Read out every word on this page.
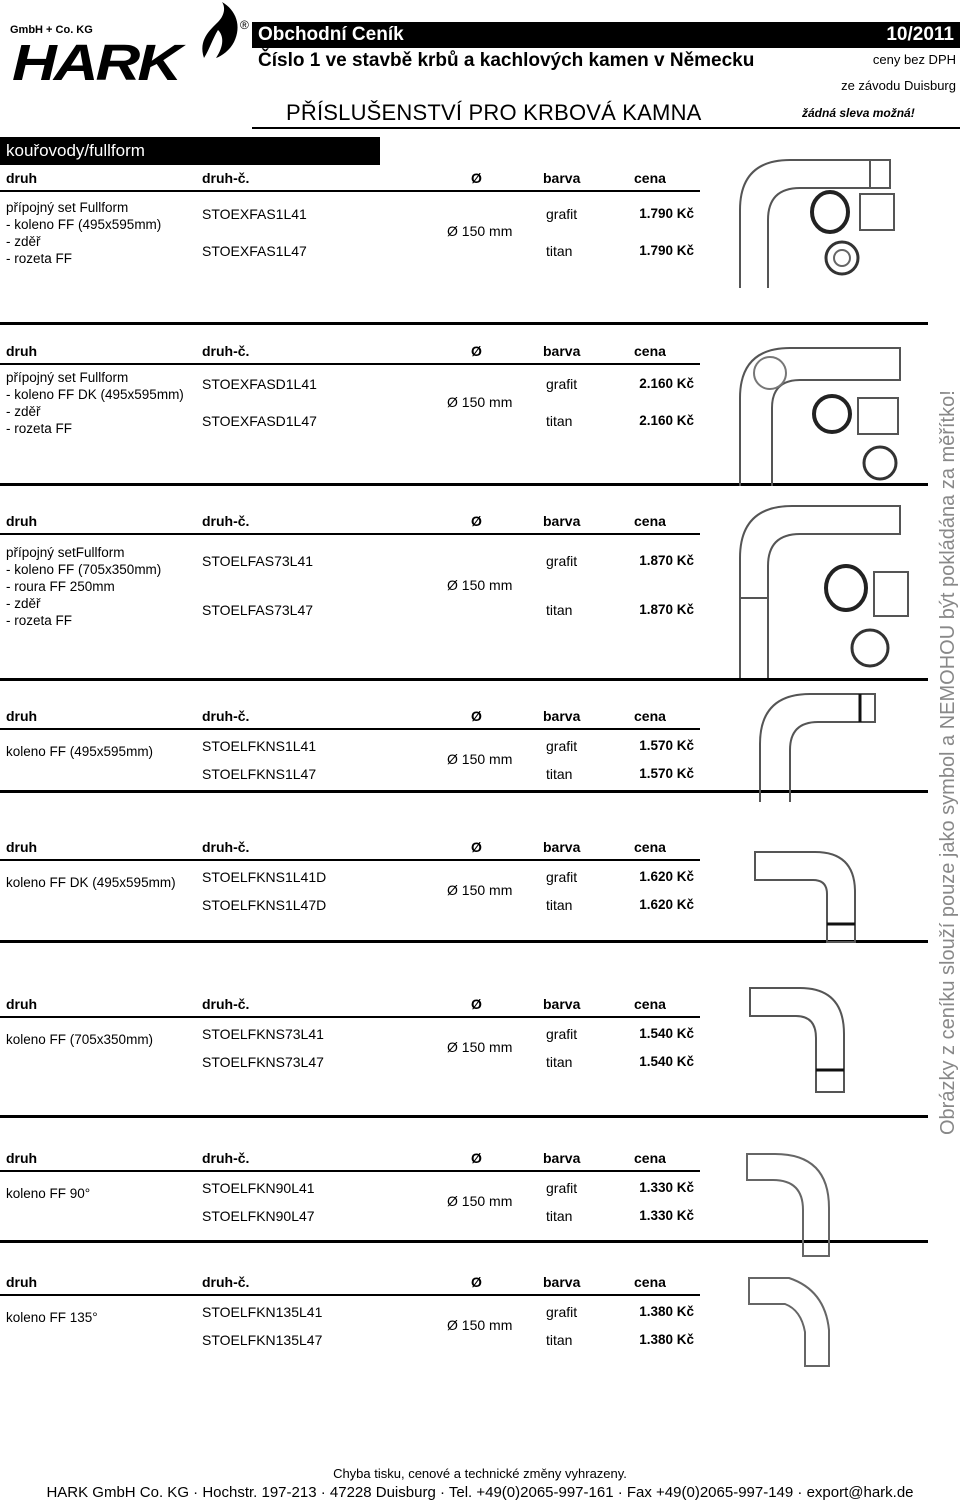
GmbH + Co. KG
HARK
® Obchodní Ceník	10/2011
Číslo 1 ve stavbě krbů a kachlových kamen v Německu	ceny bez DPH
ze závodu Duisburg
PŘÍSLUŠENSTVÍ PRO KRBOVÁ KAMNA	žádná sleva možná!
kouřovody/fullform
druh	druh-č.	Ø	barva	cena
přípojný set Fullform
- koleno FF (495x595mm)
- zděř
- rozeta FF
Ø 150 mm
STOEXFAS1L41	grafit	1.790 Kč
STOEXFAS1L47	titan	1.790 Kč
druh	druh-č.	Ø	barva	cena
přípojný set Fullform
- koleno FF DK (495x595mm)
- zděř
- rozeta FF
Ø 150 mm
STOEXFASD1L41	grafit	2.160 Kč
STOEXFASD1L47	titan	2.160 Kč
druh	druh-č.	Ø	barva	cena
přípojný setFullform
- koleno FF (705x350mm)
- roura FF 250mm
- zděř
- rozeta FF
Ø 150 mm
STOELFAS73L41	grafit	1.870 Kč
STOELFAS73L47	titan	1.870 Kč
druh	druh-č.	Ø	barva	cena
koleno FF (495x595mm)	Ø 150 mm
STOELFKNS1L41	grafit	1.570 Kč
STOELFKNS1L47	titan	1.570 Kč
druh	druh-č.	Ø	barva	cena
koleno FF DK (495x595mm)	Ø 150 mm
STOELFKNS1L41D	grafit	1.620 Kč
STOELFKNS1L47D	titan	1.620 Kč
druh	druh-č.	Ø	barva	cena
koleno FF (705x350mm)	Ø 150 mm
STOELFKNS73L41	grafit	1.540 Kč
STOELFKNS73L47	titan	1.540 Kč
druh	druh-č.	Ø	barva	cena
koleno FF 90°	Ø 150 mm
STOELFKN90L41	grafit	1.330 Kč
STOELFKN90L47	titan	1.330 Kč
druh	druh-č.	Ø	barva	cena
koleno FF 135°	Ø 150 mm
STOELFKN135L41	grafit	1.380 Kč
STOELFKN135L47	titan	1.380 Kč
Obrázky z ceníku slouží pouze jako symbol a NEMOHOU být pokládána za měřítko!
Chyba tisku, cenové a technické změny vyhrazeny.
HARK GmbH Co. KG · Hochstr. 197-213 · 47228 Duisburg · Tel. +49(0)2065-997-161 · Fax +49(0)2065-997-149 · export@hark.de
